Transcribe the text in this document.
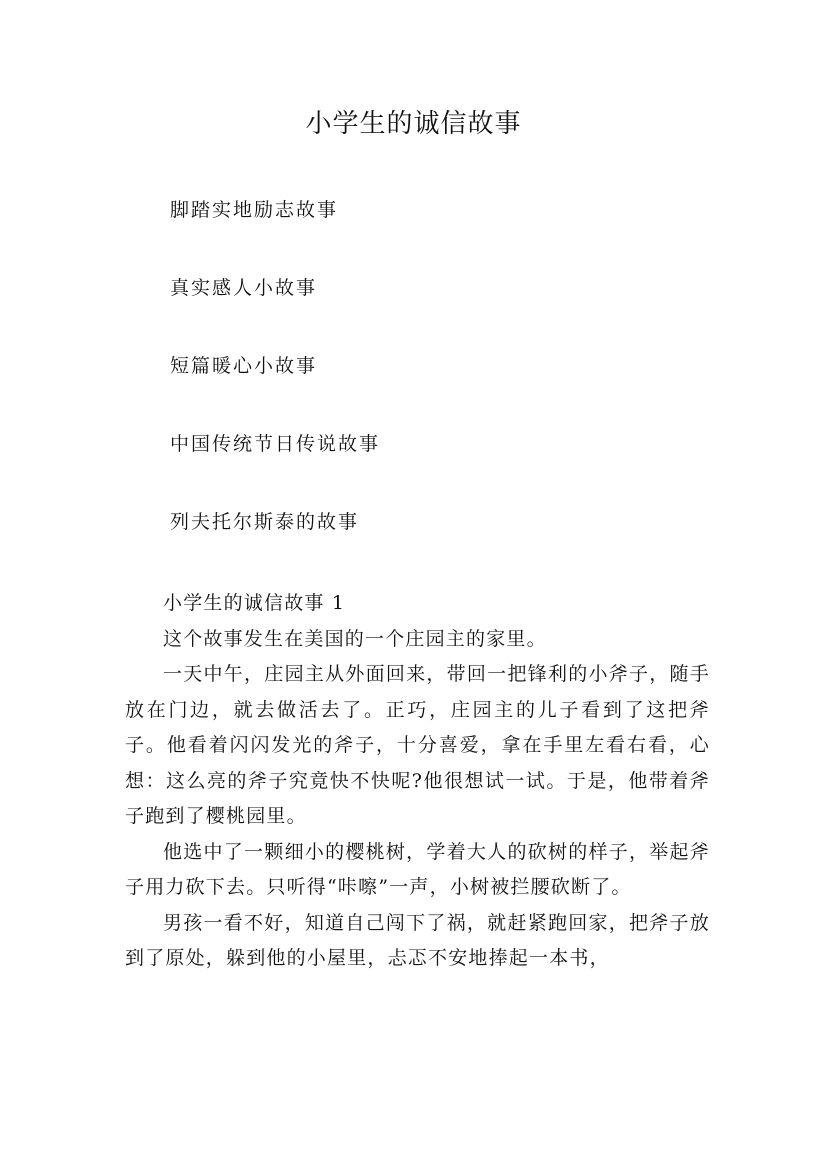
小学生的诚信故事
脚踏实地励志故事
真实感人小故事
短篇暖心小故事
中国传统节日传说故事
列夫托尔斯泰的故事
小学生的诚信故事 1

这个故事发生在美国的一个庄园主的家里。

一天中午，庄园主从外面回来，带回一把锋利的小斧子，随手放在门边，就去做活去了。正巧，庄园主的儿子看到了这把斧子。他看着闪闪发光的斧子，十分喜爱，拿在手里左看右看，心想：这么亮的斧子究竟快不快呢?他很想试一试。于是，他带着斧子跑到了樱桃园里。

他选中了一颗细小的樱桃树，学着大人的砍树的样子，举起斧子用力砍下去。只听得“咔嚓”一声，小树被拦腰砍断了。

男孩一看不好，知道自己闯下了祸，就赶紧跑回家，把斧子放到了原处，躲到他的小屋里，忐忑不安地捧起一本书，
